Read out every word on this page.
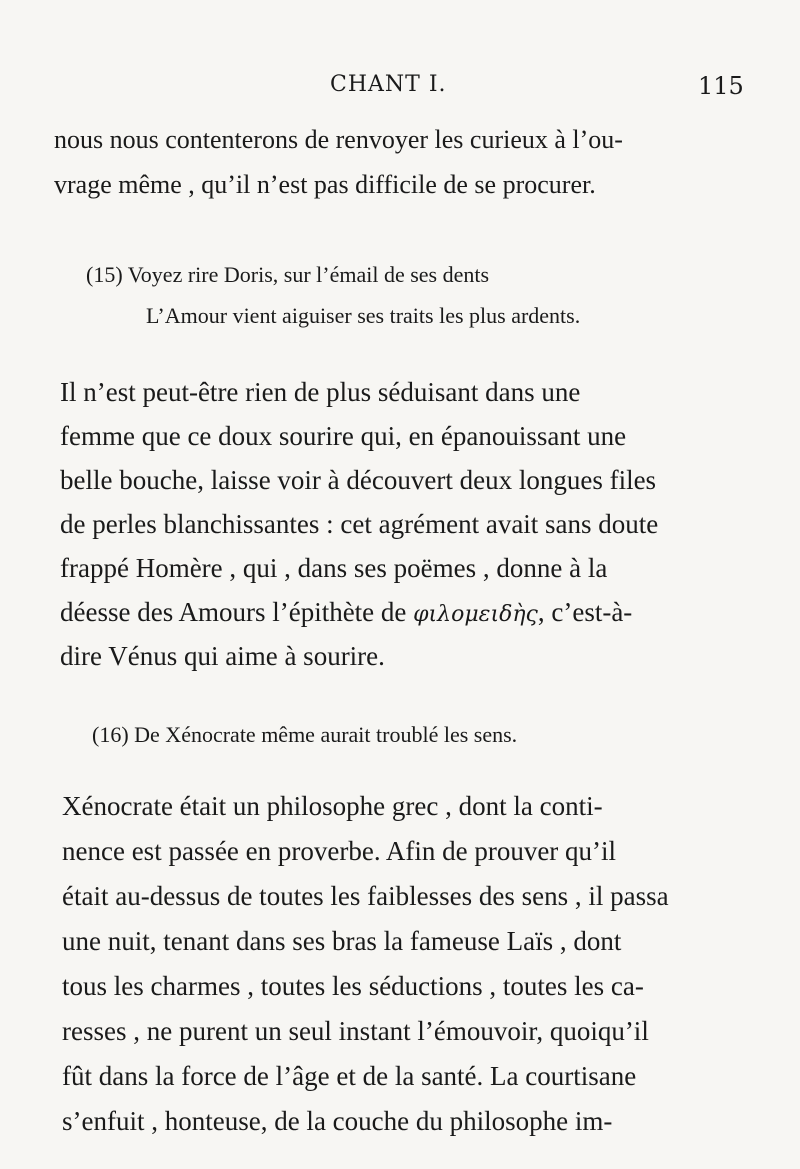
CHANT I.	115
nous nous contenterons de renvoyer les curieux à l’ou-
vrage même , qu’il n’est pas difficile de se procurer.
(15) Voyez rire Doris, sur l’émail de ses dents
L’Amour vient aiguiser ses traits les plus ardents.
Il n’est peut-être rien de plus séduisant dans une
femme que ce doux sourire qui, en épanouissant une
belle bouche, laisse voir à découvert deux longues files
de perles blanchissantes : cet agrément avait sans doute
frappé Homère , qui , dans ses poëmes , donne à la
déesse des Amours l’épithète de φιλομειδὴς, c’est-à-
dire Vénus qui aime à sourire.
(16) De Xénocrate même aurait troublé les sens.
Xénocrate était un philosophe grec , dont la conti-
nence est passée en proverbe. Afin de prouver qu’il
était au-dessus de toutes les faiblesses des sens , il passa
une nuit, tenant dans ses bras la fameuse Laïs , dont
tous les charmes , toutes les séductions , toutes les ca-
resses , ne purent un seul instant l’émouvoir, quoiqu’il
fût dans la force de l’âge et de la santé. La courtisane
s’enfuit , honteuse, de la couche du philosophe im-
